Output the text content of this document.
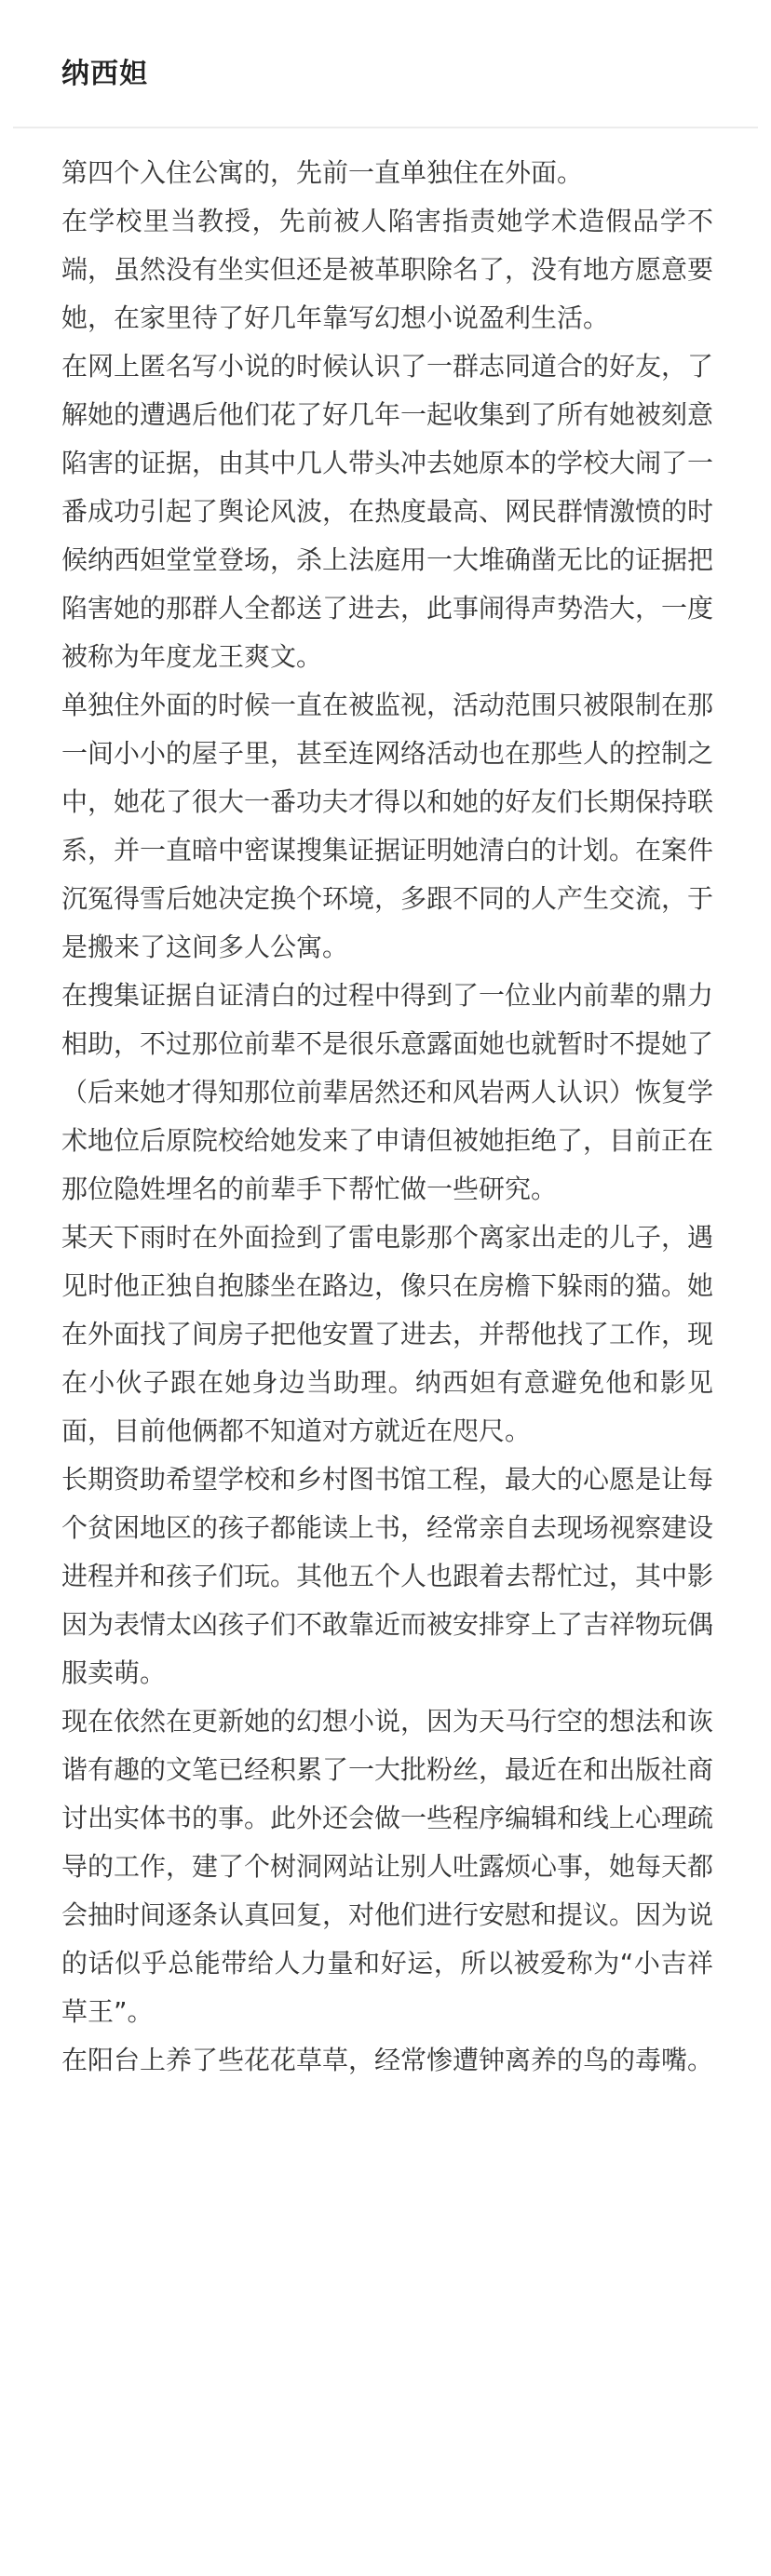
纳西妲

第四个入住公寓的，先前一直单独住在外面。

在学校里当教授，先前被人陷害指责她学术造假品学不端，虽然没有坐实但还是被革职除名了，没有地方愿意要她，在家里待了好几年靠写幻想小说盈利生活。

在网上匿名写小说的时候认识了一群志同道合的好友，了解她的遭遇后他们花了好几年一起收集到了所有她被刻意陷害的证据，由其中几人带头冲去她原本的学校大闹了一番成功引起了舆论风波，在热度最高、网民群情激愤的时候纳西妲堂堂登场，杀上法庭用一大堆确凿无比的证据把陷害她的那群人全都送了进去，此事闹得声势浩大，一度被称为年度龙王爽文。

单独住外面的时候一直在被监视，活动范围只被限制在那一间小小的屋子里，甚至连网络活动也在那些人的控制之中，她花了很大一番功夫才得以和她的好友们长期保持联系，并一直暗中密谋搜集证据证明她清白的计划。在案件沉冤得雪后她决定换个环境，多跟不同的人产生交流，于是搬来了这间多人公寓。

在搜集证据自证清白的过程中得到了一位业内前辈的鼎力相助，不过那位前辈不是很乐意露面她也就暂时不提她了（后来她才得知那位前辈居然还和风岩两人认识）恢复学术地位后原院校给她发来了申请但被她拒绝了，目前正在那位隐姓埋名的前辈手下帮忙做一些研究。

某天下雨时在外面捡到了雷电影那个离家出走的儿子，遇见时他正独自抱膝坐在路边，像只在房檐下躲雨的猫。她在外面找了间房子把他安置了进去，并帮他找了工作，现在小伙子跟在她身边当助理。纳西妲有意避免他和影见面，目前他俩都不知道对方就近在咫尺。

长期资助希望学校和乡村图书馆工程，最大的心愿是让每个贫困地区的孩子都能读上书，经常亲自去现场视察建设进程并和孩子们玩。其他五个人也跟着去帮忙过，其中影因为表情太凶孩子们不敢靠近而被安排穿上了吉祥物玩偶服卖萌。

现在依然在更新她的幻想小说，因为天马行空的想法和诙谐有趣的文笔已经积累了一大批粉丝，最近在和出版社商讨出实体书的事。此外还会做一些程序编辑和线上心理疏导的工作，建了个树洞网站让别人吐露烦心事，她每天都会抽时间逐条认真回复，对他们进行安慰和提议。因为说的话似乎总能带给人力量和好运，所以被爱称为“小吉祥草王”。

在阳台上养了些花花草草，经常惨遭钟离养的鸟的毒嘴。
